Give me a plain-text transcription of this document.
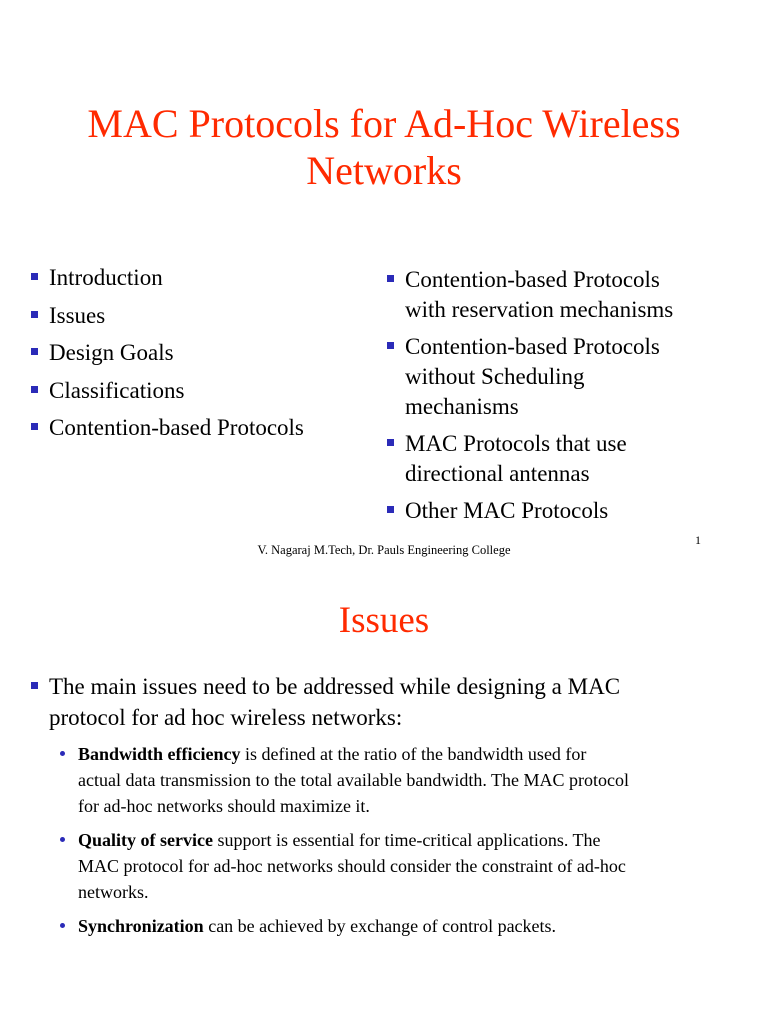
MAC Protocols for Ad-Hoc Wireless
Networks
Introduction
Issues
Design Goals
Classifications
Contention-based Protocols
Contention-based Protocols
with reservation mechanisms
Contention-based Protocols
without Scheduling
mechanisms
MAC Protocols that use
directional antennas
Other MAC Protocols
V. Nagaraj M.Tech, Dr. Pauls Engineering College
1
Issues
The main issues need to be addressed while designing a MAC
protocol for ad hoc wireless networks:
Bandwidth efficiency is defined at the ratio of the bandwidth used for
actual data transmission to the total available bandwidth. The MAC protocol
for ad-hoc networks should maximize it.
Quality of service support is essential for time-critical applications. The
MAC protocol for ad-hoc networks should consider the constraint of ad-hoc
networks.
Synchronization can be achieved by exchange of control packets.
